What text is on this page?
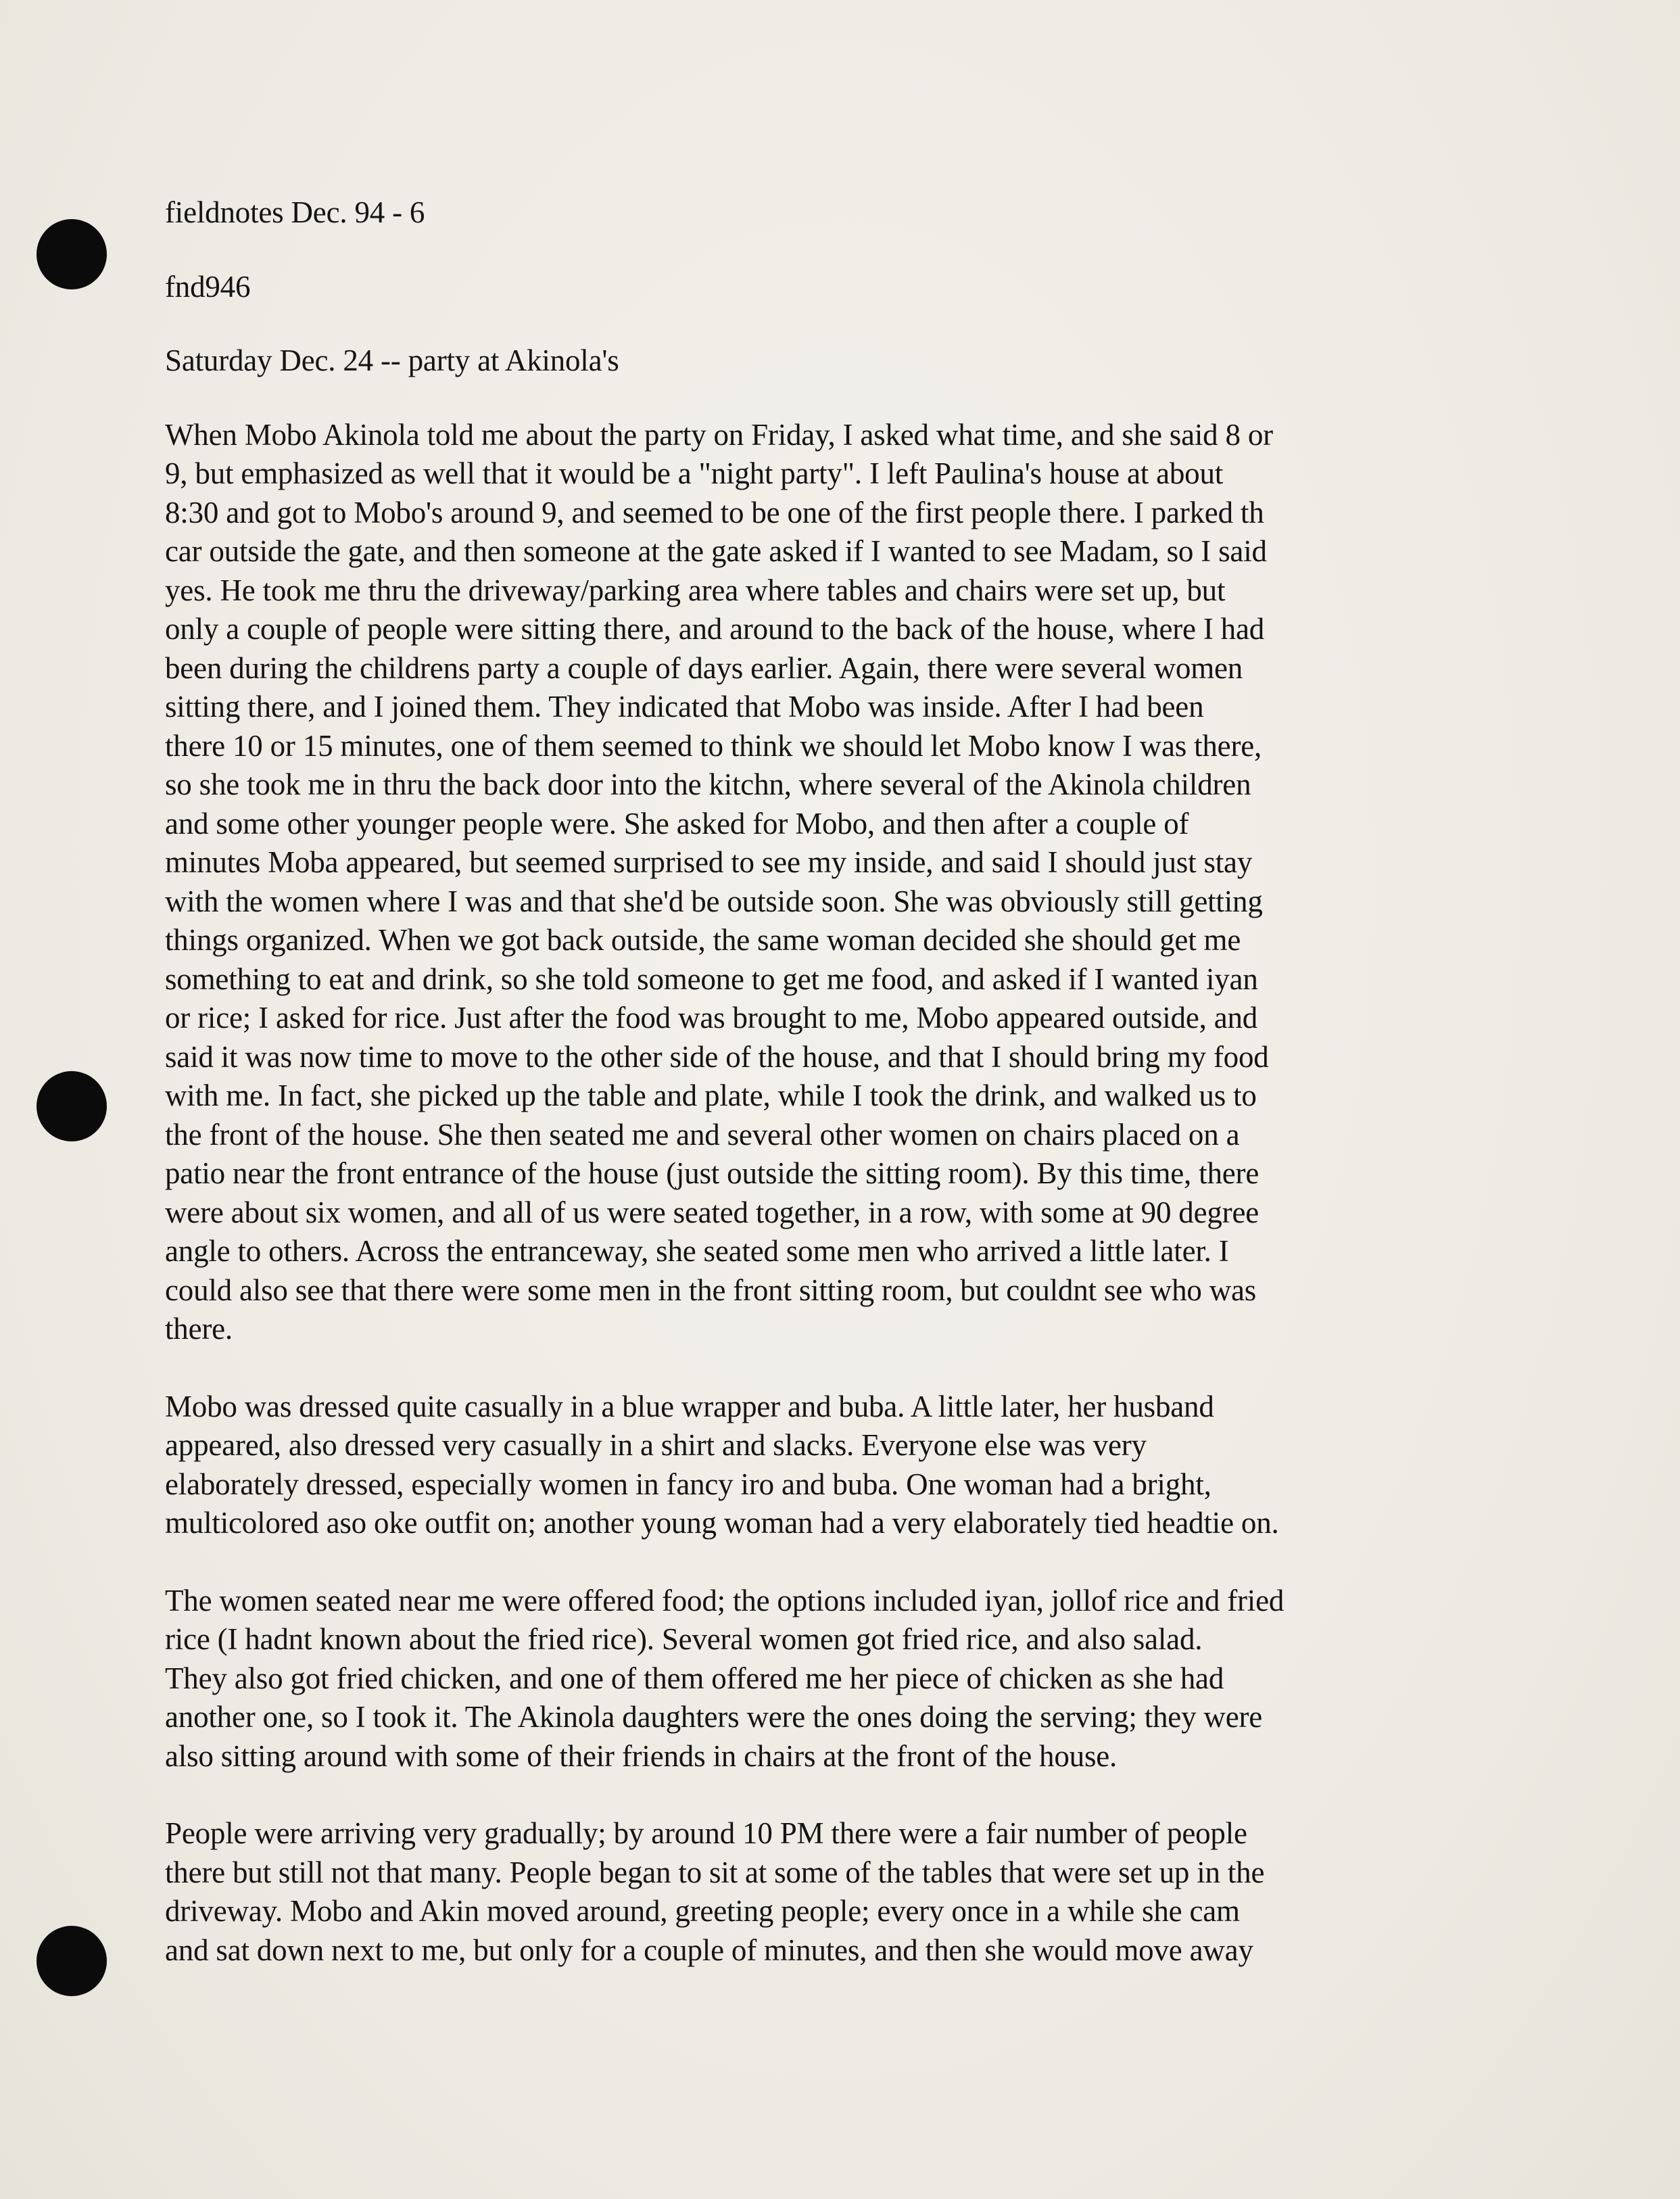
fieldnotes Dec. 94 - 6
fnd946
Saturday Dec. 24 -- party at Akinola's
When Mobo Akinola told me about the party on Friday, I asked what time, and she said 8 or
9, but emphasized as well that it would be a "night party". I left Paulina's house at about
8:30 and got to Mobo's around 9, and seemed to be one of the first people there. I parked th
car outside the gate, and then someone at the gate asked if I wanted to see Madam, so I said
yes. He took me thru the driveway/parking area where tables and chairs were set up, but
only a couple of people were sitting there, and around to the back of the house, where I had
been during the childrens party a couple of days earlier. Again, there were several women
sitting there, and I joined them. They indicated that Mobo was inside. After I had been
there 10 or 15 minutes, one of them seemed to think we should let Mobo know I was there,
so she took me in thru the back door into the kitchn, where several of the Akinola children
and some other younger people were. She asked for Mobo, and then after a couple of
minutes Moba appeared, but seemed surprised to see my inside, and said I should just stay
with the women where I was and that she'd be outside soon. She was obviously still getting
things organized. When we got back outside, the same woman decided she should get me
something to eat and drink, so she told someone to get me food, and asked if I wanted iyan
or rice; I asked for rice. Just after the food was brought to me, Mobo appeared outside, and
said it was now time to move to the other side of the house, and that I should bring my food
with me. In fact, she picked up the table and plate, while I took the drink, and walked us to
the front of the house. She then seated me and several other women on chairs placed on a
patio near the front entrance of the house (just outside the sitting room). By this time, there
were about six women, and all of us were seated together, in a row, with some at 90 degree
angle to others. Across the entranceway, she seated some men who arrived a little later. I
could also see that there were some men in the front sitting room, but couldnt see who was
there.
Mobo was dressed quite casually in a blue wrapper and buba. A little later, her husband
appeared, also dressed very casually in a shirt and slacks. Everyone else was very
elaborately dressed, especially women in fancy iro and buba. One woman had a bright,
multicolored aso oke outfit on; another young woman had a very elaborately tied headtie on.
The women seated near me were offered food; the options included iyan, jollof rice and fried
rice (I hadnt known about the fried rice). Several women got fried rice, and also salad.
They also got fried chicken, and one of them offered me her piece of chicken as she had
another one, so I took it. The Akinola daughters were the ones doing the serving; they were
also sitting around with some of their friends in chairs at the front of the house.
People were arriving very gradually; by around 10 PM there were a fair number of people
there but still not that many. People began to sit at some of the tables that were set up in the
driveway. Mobo and Akin moved around, greeting people; every once in a while she cam
and sat down next to me, but only for a couple of minutes, and then she would move away
